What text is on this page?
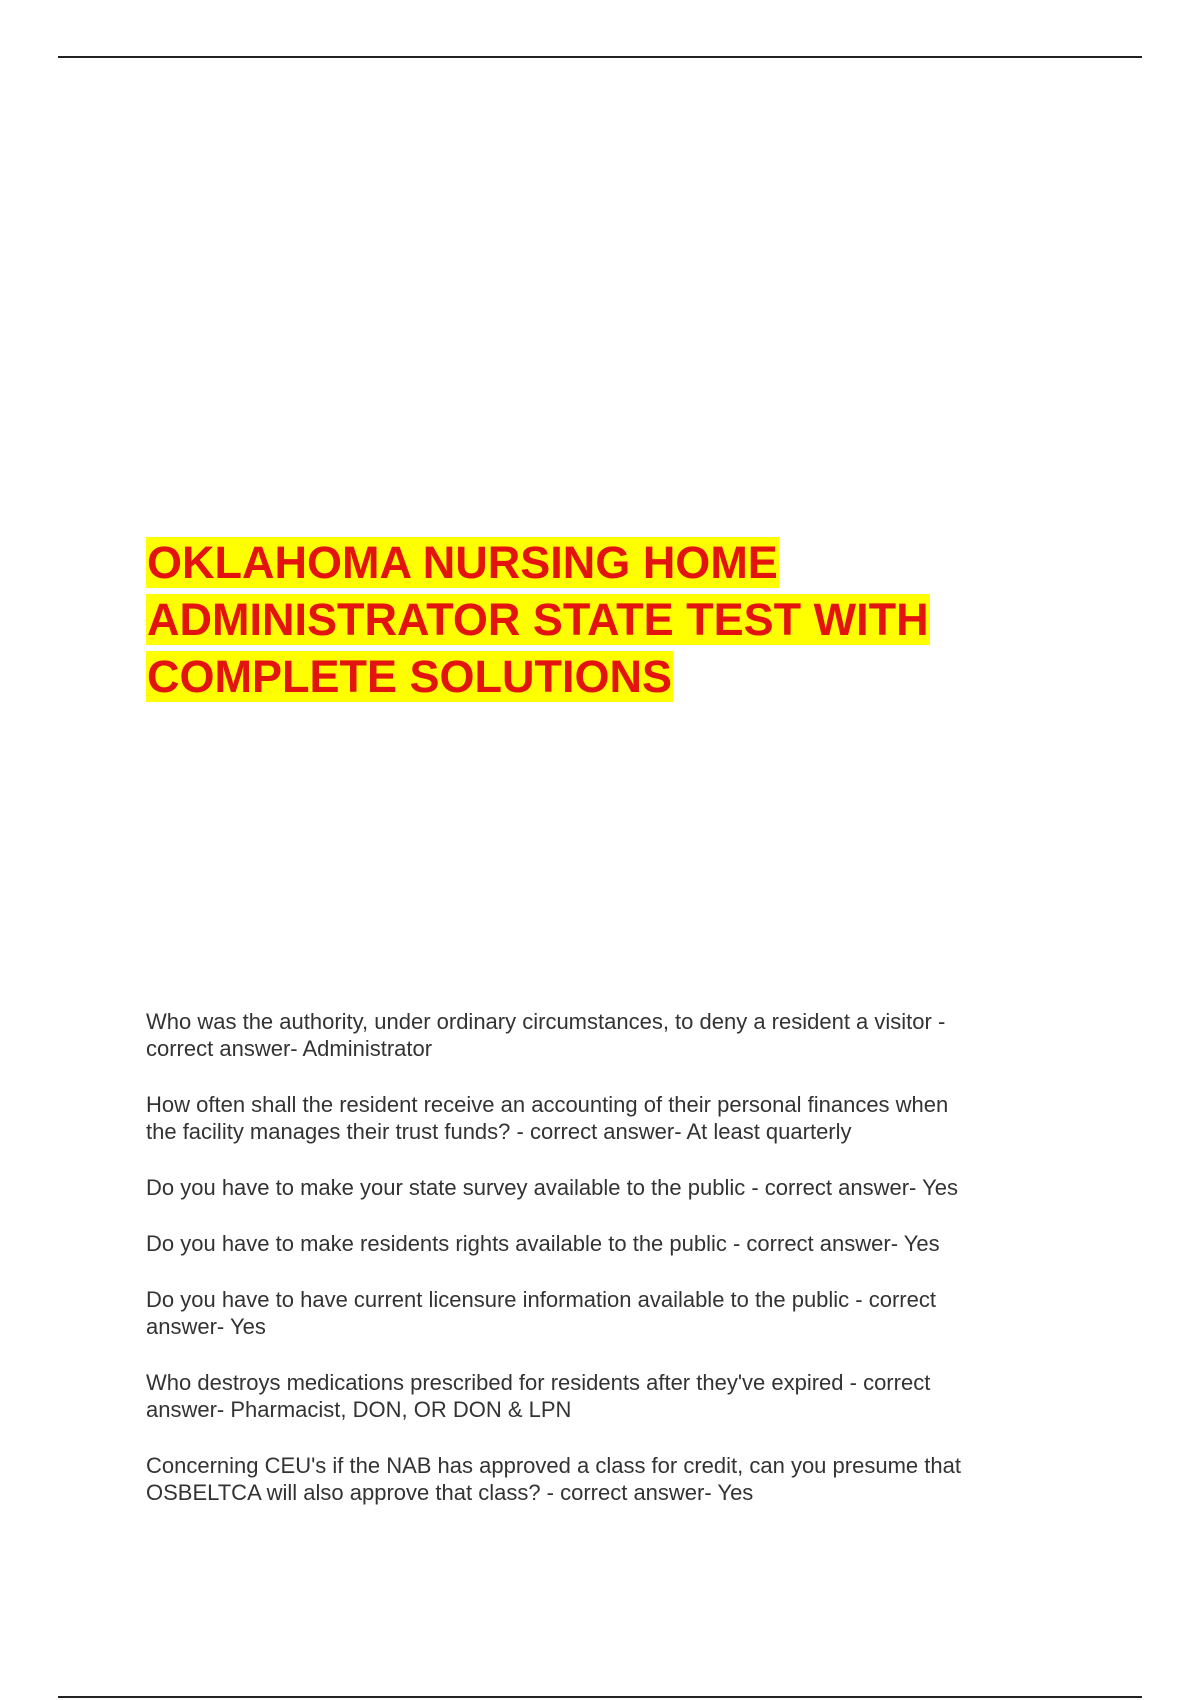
OKLAHOMA NURSING HOME
ADMINISTRATOR STATE TEST WITH
COMPLETE SOLUTIONS

Who was the authority, under ordinary circumstances, to deny a resident a visitor -
correct answer- Administrator

How often shall the resident receive an accounting of their personal finances when
the facility manages their trust funds? - correct answer- At least quarterly

Do you have to make your state survey available to the public - correct answer- Yes

Do you have to make residents rights available to the public - correct answer- Yes

Do you have to have current licensure information available to the public - correct
answer- Yes

Who destroys medications prescribed for residents after they've expired - correct
answer- Pharmacist, DON, OR DON & LPN

Concerning CEU's if the NAB has approved a class for credit, can you presume that
OSBELTCA will also approve that class? - correct answer- Yes
